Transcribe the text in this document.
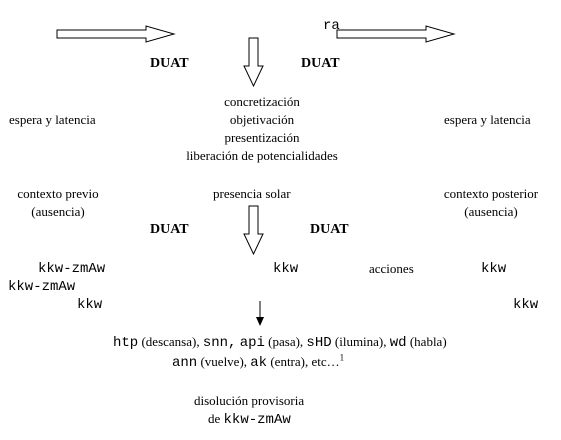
ra
DUAT	DUAT
concretización
objetivación
presentización
liberación de potencialidades
espera y latencia	espera y latencia
contexto previo
(ausencia)
presencia solar	contexto posterior
(ausencia)
DUAT	DUAT
kkw-zmAw
kkw-zmAw
kkw
kkw	acciones	kkw
kkw
htp (descansa), snn, api (pasa), sHD (ilumina), wd (habla)
ann (vuelve), ak (entra), etc…$^1$
disolución provisoria
de kkw-zmAw
